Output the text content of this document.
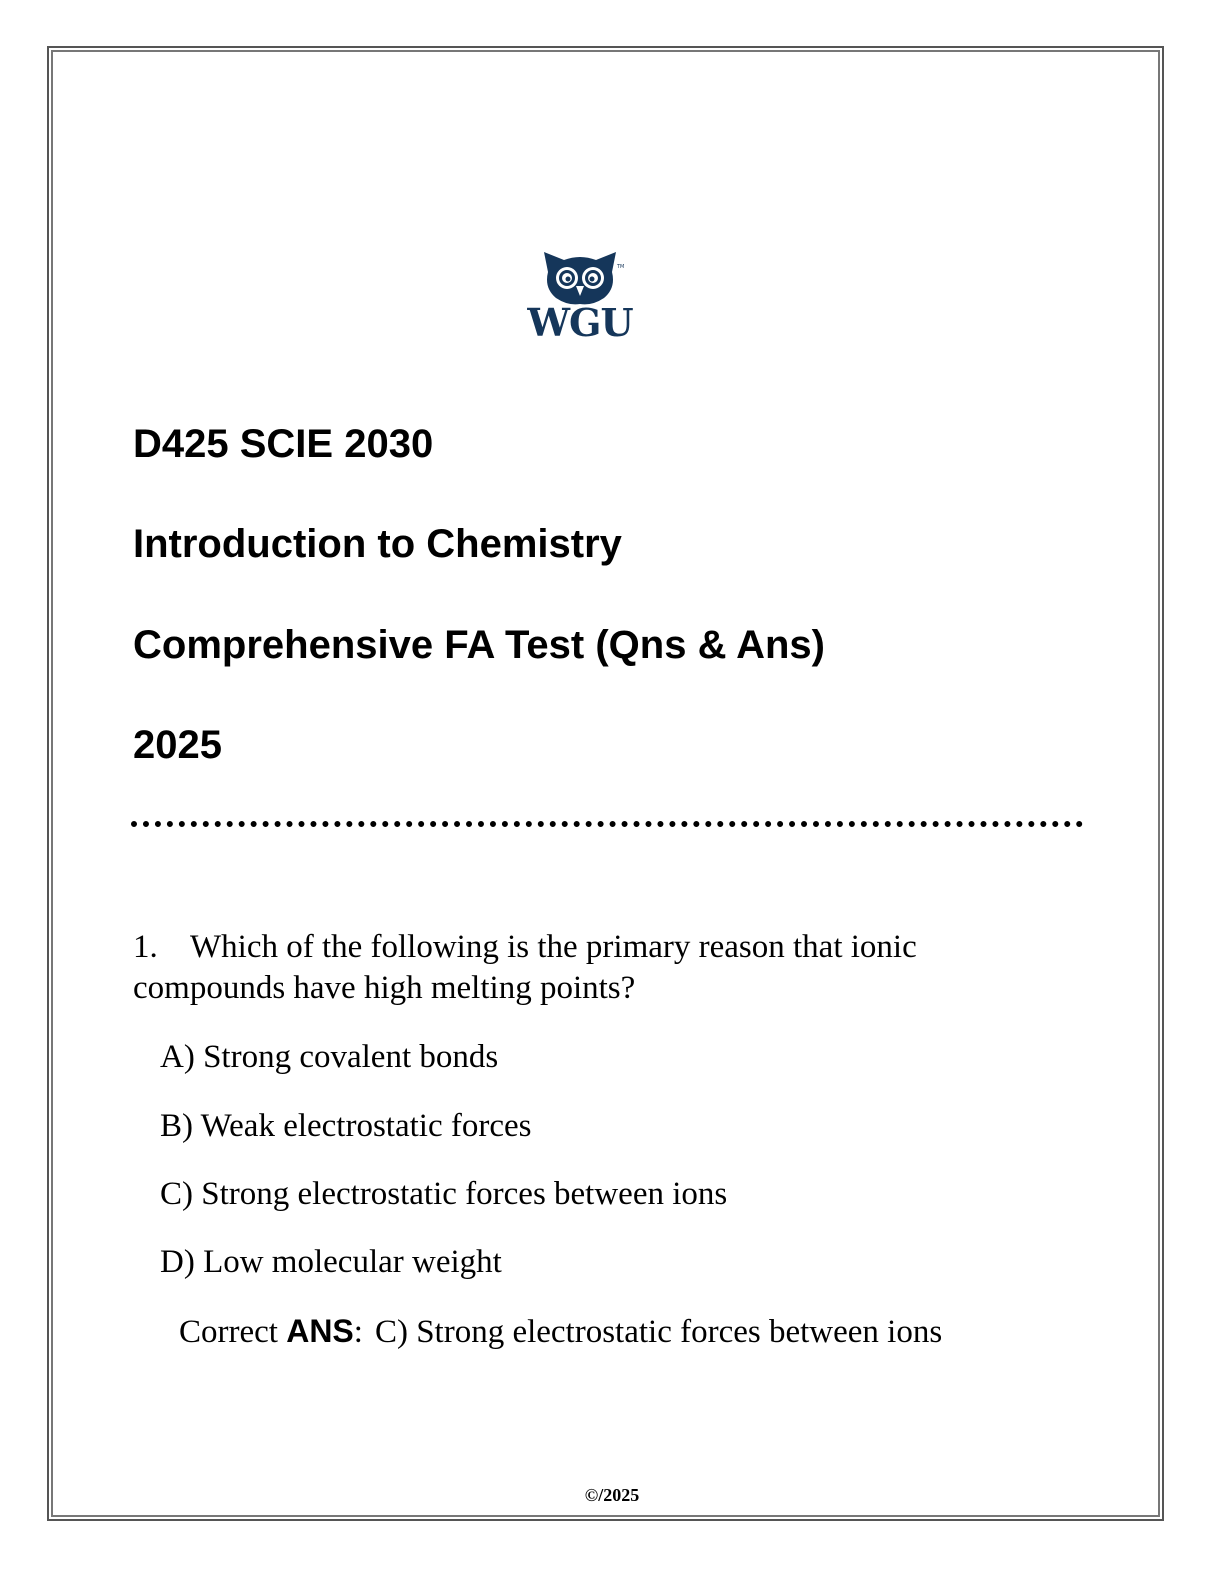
TM
WGU
D425 SCIE 2030
Introduction to Chemistry
Comprehensive FA Test (Qns & Ans)
2025
1. Which of the following is the primary reason that ionic compounds have high melting points?
A) Strong covalent bonds
B) Weak electrostatic forces
C) Strong electrostatic forces between ions
D) Low molecular weight
Correct ANS: C) Strong electrostatic forces between ions
©/2025
